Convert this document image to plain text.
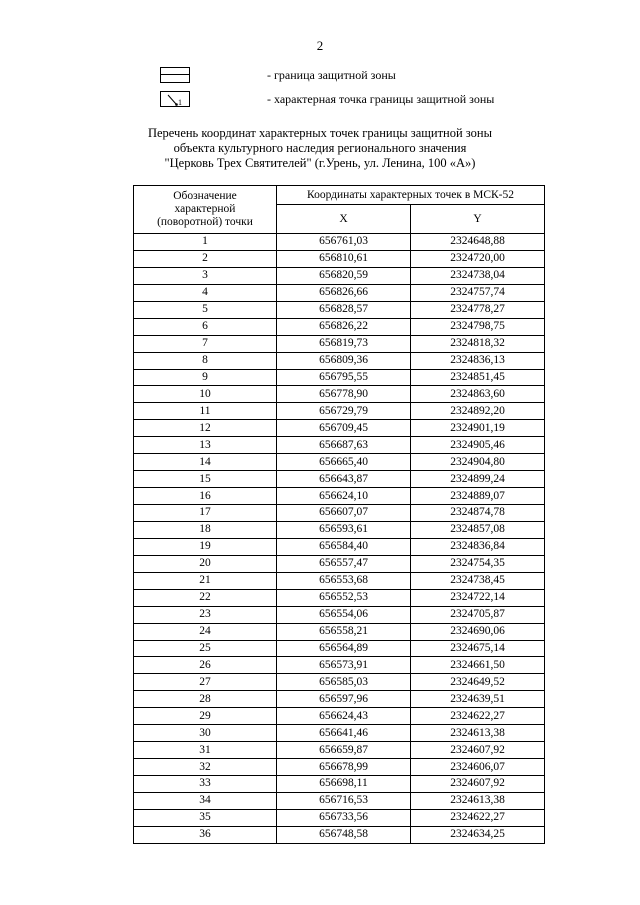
2
- граница защитной зоны
1	- характерная точка границы защитной зоны
Перечень координат характерных точек границы защитной зоны
объекта культурного наследия регионального значения
"Церковь Трех Святителей" (г.Урень, ул. Ленина, 100 «А»)
Обозначение
характерной
(поворотной) точки	Координаты характерных точек в МСК-52	
	X	Y
1	656761,03	2324648,88
2	656810,61	2324720,00
3	656820,59	2324738,04
4	656826,66	2324757,74
5	656828,57	2324778,27
6	656826,22	2324798,75
7	656819,73	2324818,32
8	656809,36	2324836,13
9	656795,55	2324851,45
10	656778,90	2324863,60
11	656729,79	2324892,20
12	656709,45	2324901,19
13	656687,63	2324905,46
14	656665,40	2324904,80
15	656643,87	2324899,24
16	656624,10	2324889,07
17	656607,07	2324874,78
18	656593,61	2324857,08
19	656584,40	2324836,84
20	656557,47	2324754,35
21	656553,68	2324738,45
22	656552,53	2324722,14
23	656554,06	2324705,87
24	656558,21	2324690,06
25	656564,89	2324675,14
26	656573,91	2324661,50
27	656585,03	2324649,52
28	656597,96	2324639,51
29	656624,43	2324622,27
30	656641,46	2324613,38
31	656659,87	2324607,92
32	656678,99	2324606,07
33	656698,11	2324607,92
34	656716,53	2324613,38
35	656733,56	2324622,27
36	656748,58	2324634,25
